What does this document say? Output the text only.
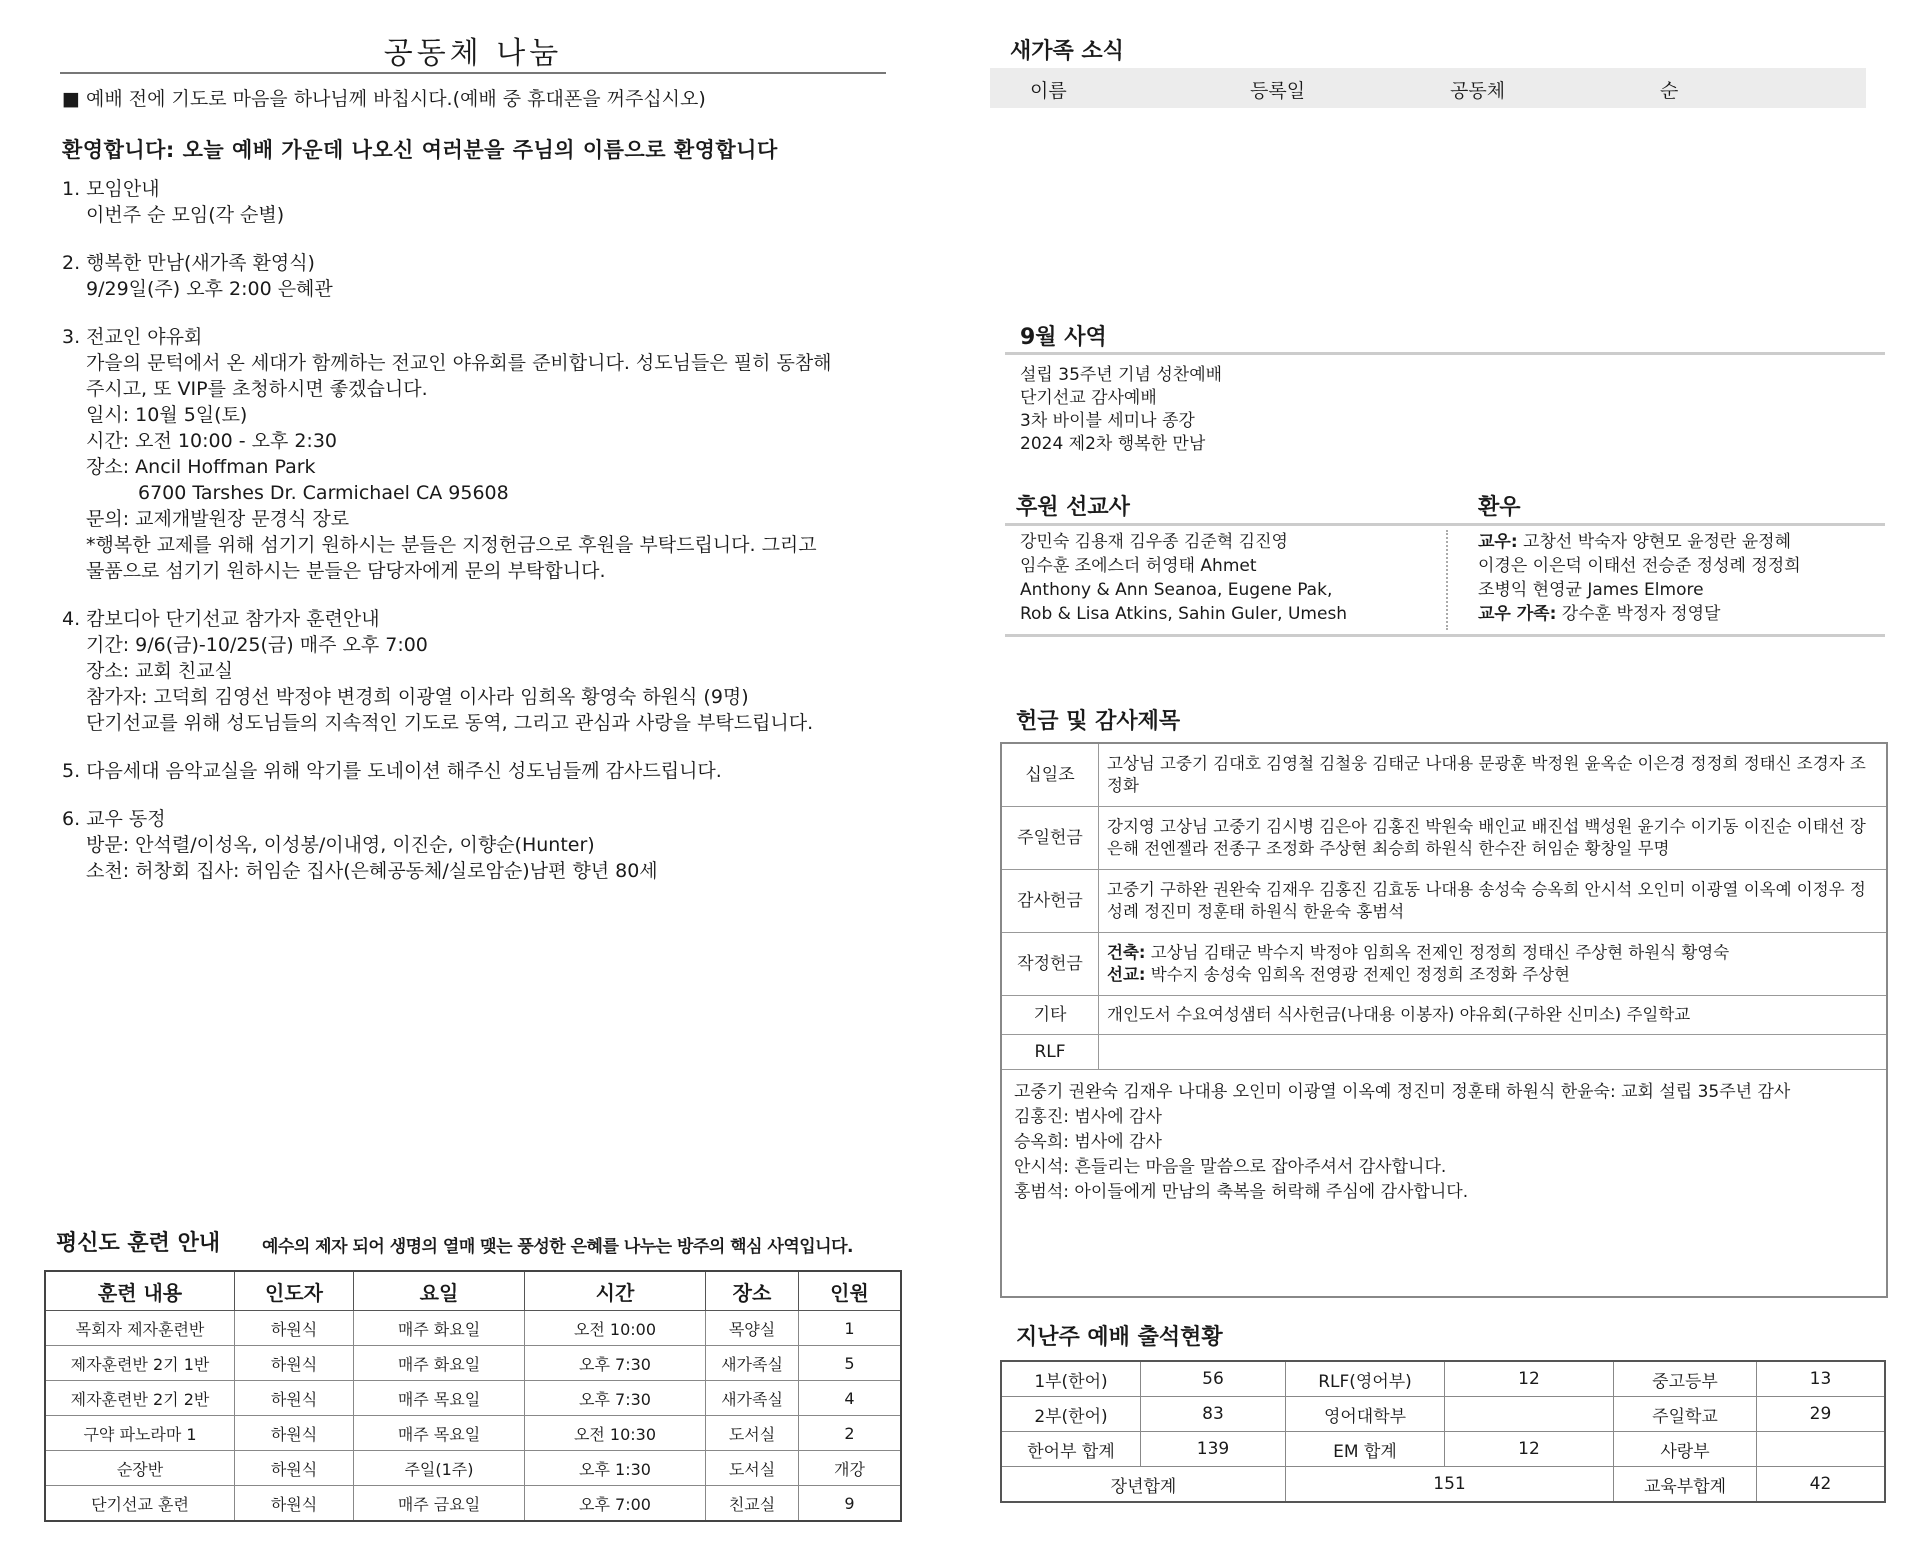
공동체 나눔
■ 예배 전에 기도로 마음을 하나님께 바칩시다.(예배 중 휴대폰을 꺼주십시오)
환영합니다: 오늘 예배 가운데 나오신 여러분을 주님의 이름으로 환영합니다
1. 모임안내
이번주 순 모임(각 순별)
2. 행복한 만남(새가족 환영식)
9/29일(주) 오후 2:00 은혜관
3. 전교인 야유회
가을의 문턱에서 온 세대가 함께하는 전교인 야유회를 준비합니다. 성도님들은 필히 동참해
주시고, 또 VIP를 초청하시면 좋겠습니다.
일시: 10월 5일(토)
시간: 오전 10:00 - 오후 2:30
장소: Ancil Hoffman Park
6700 Tarshes Dr. Carmichael CA 95608
문의: 교제개발원장 문경식 장로
*행복한 교제를 위해 섬기기 원하시는 분들은 지정헌금으로 후원을 부탁드립니다. 그리고
물품으로 섬기기 원하시는 분들은 담당자에게 문의 부탁합니다.
4. 캄보디아 단기선교 참가자 훈련안내
기간: 9/6(금)-10/25(금) 매주 오후 7:00
장소: 교회 친교실
참가자: 고덕희 김영선 박정야 변경희 이광열 이사라 임희옥 황영숙 하원식 (9명)
단기선교를 위해 성도님들의 지속적인 기도로 동역, 그리고 관심과 사랑을 부탁드립니다.
5. 다음세대 음악교실을 위해 악기를 도네이션 해주신 성도님들께 감사드립니다.
6. 교우 동정
방문: 안석렬/이성옥, 이성봉/이내영, 이진순, 이향순(Hunter)
소천: 허창회 집사: 허임순 집사(은혜공동체/실로암순)남편 향년 80세
평신도 훈련 안내 예수의 제자 되어 생명의 열매 맺는 풍성한 은혜를 나누는 방주의 핵심 사역입니다.
훈련 내용	인도자	요일	시간	장소	인원
목회자 제자훈련반	하원식	매주 화요일	오전 10:00	목양실	1
제자훈련반 2기 1반	하원식	매주 화요일	오후 7:30	새가족실	5
제자훈련반 2기 2반	하원식	매주 목요일	오후 7:30	새가족실	4
구약 파노라마 1	하원식	매주 목요일	오전 10:30	도서실	2
순장반	하원식	주일(1주)	오후 1:30	도서실	개강
단기선교 훈련	하원식	매주 금요일	오후 7:00	친교실	9
새가족 소식
이름	등록일	공동체	순
9월 사역
설립 35주년 기념 성찬예배
단기선교 감사예배
3차 바이블 세미나 종강
2024 제2차 행복한 만남
후원 선교사	환우
강민숙 김용재 김우종 김준혁 김진영
임수훈 조에스더 허영태 Ahmet
Anthony & Ann Seanoa, Eugene Pak,
Rob & Lisa Atkins, Sahin Guler, Umesh
교우: 고창선 박숙자 양현모 윤정란 윤정혜
이경은 이은덕 이태선 전승준 정성례 정정희
조병익 현영균 James Elmore
교우 가족: 강수훈 박정자 정영달
헌금 및 감사제목
십일조	고상님 고중기 김대호 김영철 김철웅 김태군 나대용 문광훈 박정원 윤옥순 이은경 정정희 정태신 조경자 조정화
주일헌금	강지영 고상님 고중기 김시병 김은아 김홍진 박원숙 배인교 배진섭 백성원 윤기수 이기동 이진순 이태선 장은해 전엔젤라 전종구 조정화 주상현 최승희 하원식 한수잔 허임순 황창일 무명
감사헌금	고중기 구하완 권완숙 김재우 김홍진 김효동 나대용 송성숙 승옥희 안시석 오인미 이광열 이옥예 이정우 정성례 정진미 정훈태 하원식 한윤숙 홍범석
작정헌금	건축: 고상님 김태군 박수지 박정야 임희옥 전제인 정정희 정태신 주상현 하원식 황영숙
선교: 박수지 송성숙 임희옥 전영광 전제인 정정희 조정화 주상현

기타	개인도서 수요여성샘터 식사헌금(나대용 이봉자) 야유회(구하완 신미소) 주일학교
RLF	
고중기 권완숙 김재우 나대용 오인미 이광열 이옥예 정진미 정훈태 하원식 한윤숙: 교회 설립 35주년 감사
김홍진: 범사에 감사
승옥희: 범사에 감사
안시석: 흔들리는 마음을 말씀으로 잡아주셔서 감사합니다.
홍범석: 아이들에게 만남의 축복을 허락해 주심에 감사합니다.
지난주 예배 출석현황
1부(한어)	56	RLF(영어부)	12	중고등부	13
2부(한어)	83	영어대학부		주일학교	29
한어부 합계	139	EM 합계	12	사랑부	
장년합계		151		교육부합계	42
